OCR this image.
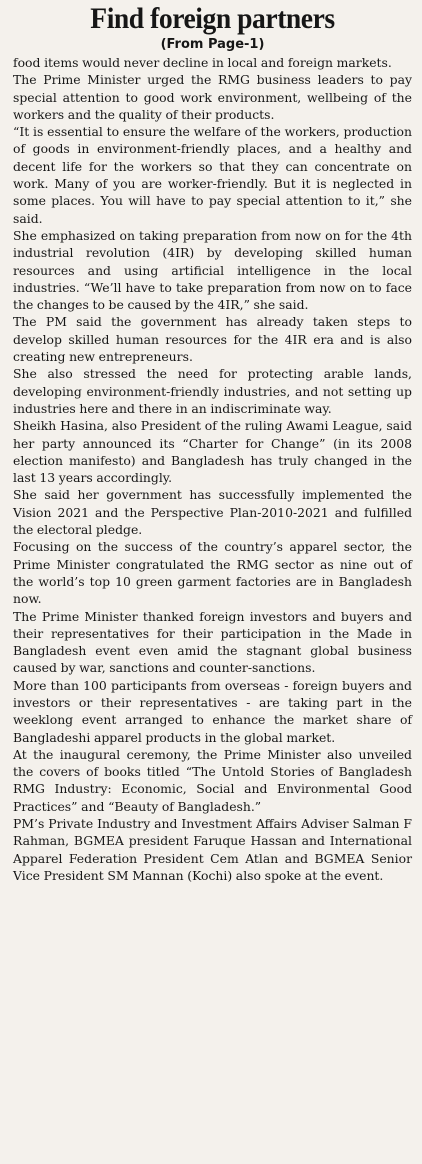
Find foreign partners
(From Page-1)

food items would never decline in local and foreign markets.

The Prime Minister urged the RMG business leaders to pay special attention to good work environment, wellbeing of the workers and the quality of their products.

“It is essential to ensure the welfare of the workers, production of goods in environment-friendly places, and a healthy and decent life for the workers so that they can concentrate on work. Many of you are worker-friendly. But it is neglected in some places. You will have to pay special attention to it,” she said.

She emphasized on taking preparation from now on for the 4th industrial revolution (4IR) by developing skilled human resources and using artificial intelligence in the local industries. “We’ll have to take preparation from now on to face the changes to be caused by the 4IR,” she said.

The PM said the government has already taken steps to develop skilled human resources for the 4IR era and is also creating new entrepreneurs.

She also stressed the need for protecting arable lands, developing environment-friendly industries, and not setting up industries here and there in an indiscriminate way.

Sheikh Hasina, also President of the ruling Awami League, said her party announced its “Charter for Change” (in its 2008 election manifesto) and Bangladesh has truly changed in the last 13 years accordingly.

She said her government has successfully implemented the Vision 2021 and the Perspective Plan-2010-2021 and fulfilled the electoral pledge.

Focusing on the success of the country’s apparel sector, the Prime Minister congratulated the RMG sector as nine out of the world’s top 10 green garment factories are in Bangladesh now.

The Prime Minister thanked foreign investors and buyers and their representatives for their participation in the Made in Bangladesh event even amid the stagnant global business caused by war, sanctions and counter-sanctions.

More than 100 participants from overseas - foreign buyers and investors or their representatives - are taking part in the weeklong event arranged to enhance the market share of Bangladeshi apparel products in the global market.

At the inaugural ceremony, the Prime Minister also unveiled the covers of books titled “The Untold Stories of Bangladesh RMG Industry: Economic, Social and Environmental Good Practices” and “Beauty of Bangladesh.”

PM’s Private Industry and Investment Affairs Adviser Salman F Rahman, BGMEA president Faruque Hassan and International Apparel Federation President Cem Atlan and BGMEA Senior Vice President SM Mannan (Kochi) also spoke at the event.
